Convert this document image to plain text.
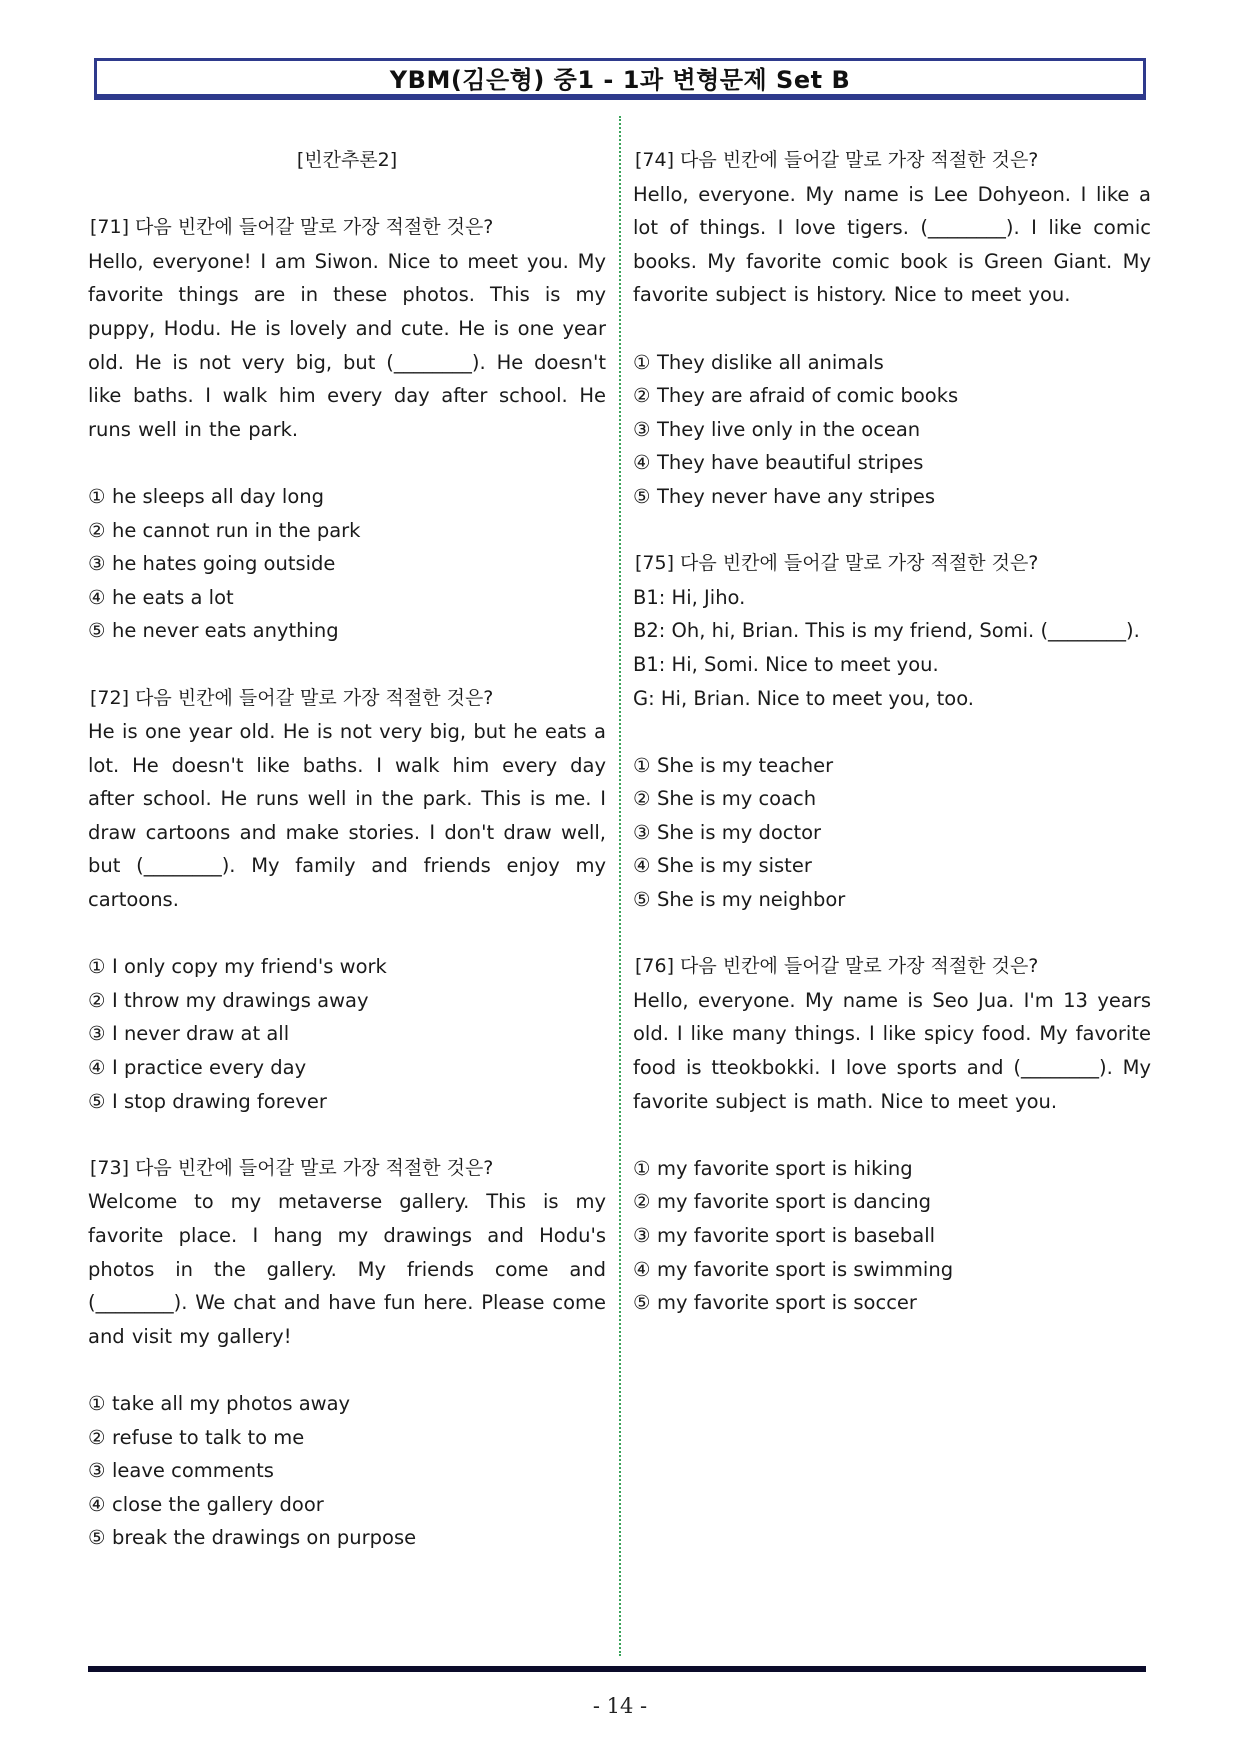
YBM(김은형) 중1 - 1과 변형문제 Set B

[빈칸추론2]

[71] 다음 빈칸에 들어갈 말로 가장 적절한 것은?

Hello, everyone! I am Siwon. Nice to meet you. My favorite things are in these photos. This is my puppy, Hodu. He is lovely and cute. He is one year old. He is not very big, but (________). He doesn't like baths. I walk him every day after school. He runs well in the park.

① he sleeps all day long
② he cannot run in the park
③ he hates going outside
④ he eats a lot
⑤ he never eats anything

[72] 다음 빈칸에 들어갈 말로 가장 적절한 것은?

He is one year old. He is not very big, but he eats a lot. He doesn't like baths. I walk him every day after school. He runs well in the park. This is me. I draw cartoons and make stories. I don't draw well, but (________). My family and friends enjoy my cartoons.

① I only copy my friend's work
② I throw my drawings away
③ I never draw at all
④ I practice every day
⑤ I stop drawing forever

[73] 다음 빈칸에 들어갈 말로 가장 적절한 것은?

Welcome to my metaverse gallery. This is my favorite place. I hang my drawings and Hodu's photos in the gallery. My friends come and (________). We chat and have fun here. Please come and visit my gallery!

① take all my photos away
② refuse to talk to me
③ leave comments
④ close the gallery door
⑤ break the drawings on purpose

[74] 다음 빈칸에 들어갈 말로 가장 적절한 것은?

Hello, everyone. My name is Lee Dohyeon. I like a lot of things. I love tigers. (________). I like comic books. My favorite comic book is Green Giant. My favorite subject is history. Nice to meet you.

① They dislike all animals
② They are afraid of comic books
③ They live only in the ocean
④ They have beautiful stripes
⑤ They never have any stripes

[75] 다음 빈칸에 들어갈 말로 가장 적절한 것은?

B1: Hi, Jiho.

B2: Oh, hi, Brian. This is my friend, Somi. (________).

B1: Hi, Somi. Nice to meet you.

G: Hi, Brian. Nice to meet you, too.

① She is my teacher
② She is my coach
③ She is my doctor
④ She is my sister
⑤ She is my neighbor

[76] 다음 빈칸에 들어갈 말로 가장 적절한 것은?

Hello, everyone. My name is Seo Jua. I'm 13 years old. I like many things. I like spicy food. My favorite food is tteokbokki. I love sports and (________). My favorite subject is math. Nice to meet you.

① my favorite sport is hiking
② my favorite sport is dancing
③ my favorite sport is baseball
④ my favorite sport is swimming
⑤ my favorite sport is soccer
- 14 -
